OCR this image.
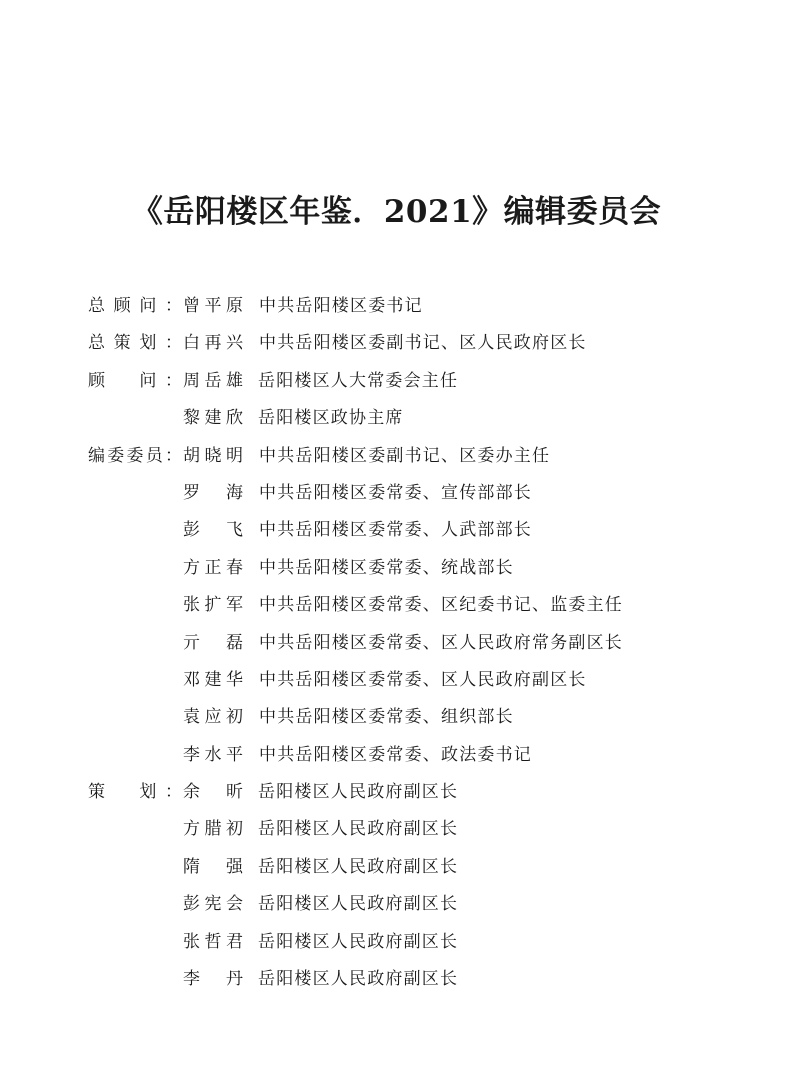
《岳阳楼区年鉴．2021》编辑委员会
总 顾 问 ： 曾 平 原 中共岳阳楼区委书记
总 策 划 ： 白 再 兴 中共岳阳楼区委副书记、区人民政府区长
顾
　 问 ： 周 岳 雄 岳阳楼区人大常委会主任
黎 建 欣 岳阳楼区政协主席
编 委 委 员 ： 胡 晓 明 中共岳阳楼区委副书记、区委办主任
罗
　 海 中共岳阳楼区委常委、宣传部部长
彭
　 飞 中共岳阳楼区委常委、人武部部长
方 正 春 中共岳阳楼区委常委、统战部长
张 扩 军 中共岳阳楼区委常委、区纪委书记、监委主任
亓
　 磊 中共岳阳楼区委常委、区人民政府常务副区长
邓 建 华 中共岳阳楼区委常委、区人民政府副区长
袁 应 初 中共岳阳楼区委常委、组织部长
李 水 平 中共岳阳楼区委常委、政法委书记
策
　 划 ： 余
　 昕 岳阳楼区人民政府副区长
方 腊 初 岳阳楼区人民政府副区长
隋
　 强 岳阳楼区人民政府副区长
彭 宪 会 岳阳楼区人民政府副区长
张 哲 君 岳阳楼区人民政府副区长
李
　 丹 岳阳楼区人民政府副区长
